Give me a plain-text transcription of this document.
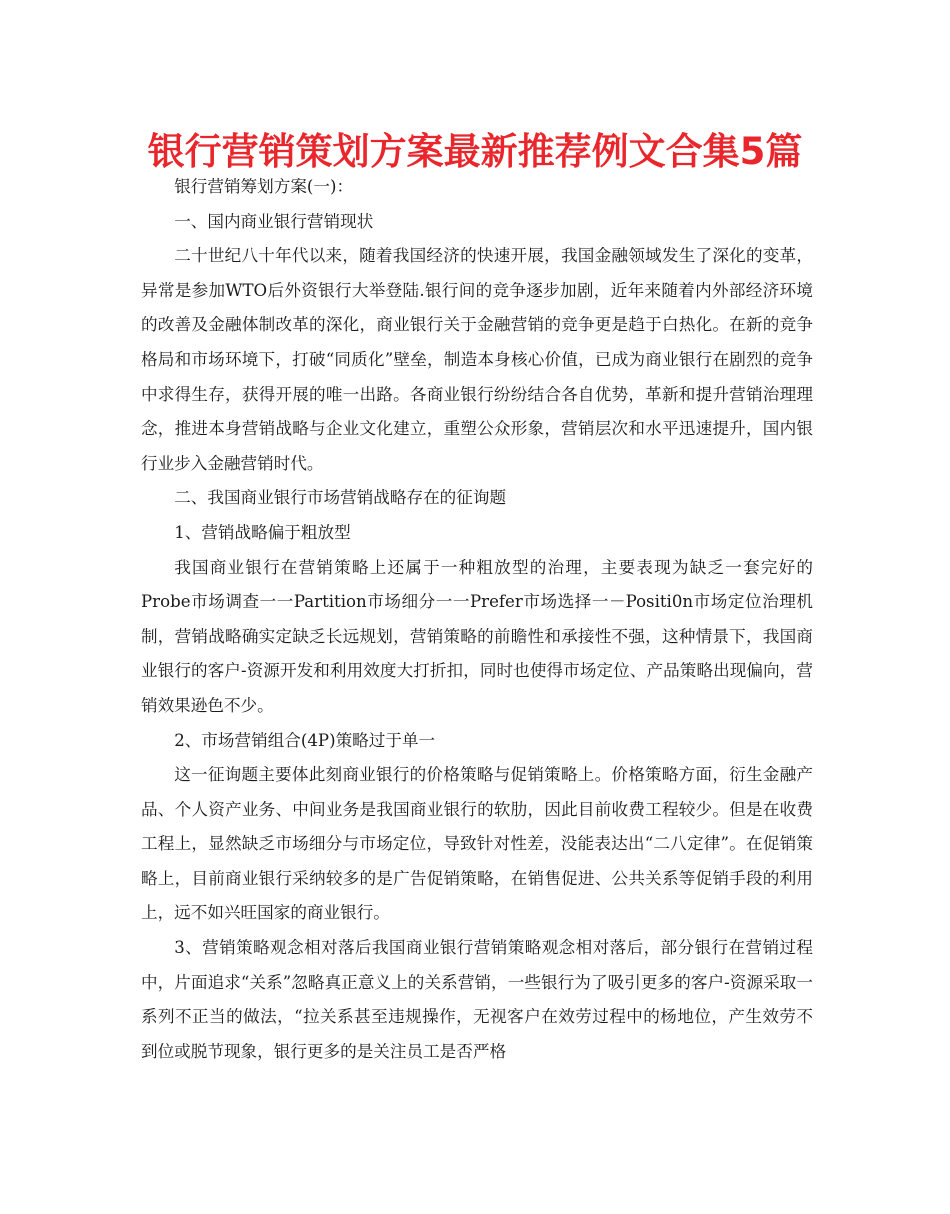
银行营销策划方案最新推荐例文合集5篇

银行营销筹划方案(一)：

一、国内商业银行营销现状

二十世纪八十年代以来，随着我国经济的快速开展，我国金融领域发生了深化的变革，异常是参加WTO后外资银行大举登陆.银行间的竞争逐步加剧，近年来随着内外部经济环境的改善及金融体制改革的深化，商业银行关于金融营销的竞争更是趋于白热化。在新的竞争格局和市场环境下，打破“同质化”壁垒，制造本身核心价值，已成为商业银行在剧烈的竞争中求得生存，获得开展的唯一出路。各商业银行纷纷结合各自优势，革新和提升营销治理理念，推进本身营销战略与企业文化建立，重塑公众形象，营销层次和水平迅速提升，国内银行业步入金融营销时代。

二、我国商业银行市场营销战略存在的征询题

1、营销战略偏于粗放型

我国商业银行在营销策略上还属于一种粗放型的治理，主要表现为缺乏一套完好的Probe市场调查一一Partition市场细分一一Prefer市场选择一－Positi0n市场定位治理机制，营销战略确实定缺乏长远规划，营销策略的前瞻性和承接性不强，这种情景下，我国商业银行的客户-资源开发和利用效度大打折扣，同时也使得市场定位、产品策略出现偏向，营销效果逊色不少。

2、市场营销组合(4P)策略过于单一

这一征询题主要体此刻商业银行的价格策略与促销策略上。价格策略方面，衍生金融产品、个人资产业务、中间业务是我国商业银行的软肋，因此目前收费工程较少。但是在收费工程上，显然缺乏市场细分与市场定位，导致针对性差，没能表达出“二八定律”。在促销策略上，目前商业银行采纳较多的是广告促销策略，在销售促进、公共关系等促销手段的利用上，远不如兴旺国家的商业银行。

3、营销策略观念相对落后我国商业银行营销策略观念相对落后，部分银行在营销过程中，片面追求“关系”忽略真正意义上的关系营销，一些银行为了吸引更多的客户-资源采取一系列不正当的做法，“拉关系甚至违规操作，无视客户在效劳过程中的杨地位，产生效劳不到位或脱节现象，银行更多的是关注员工是否严格
